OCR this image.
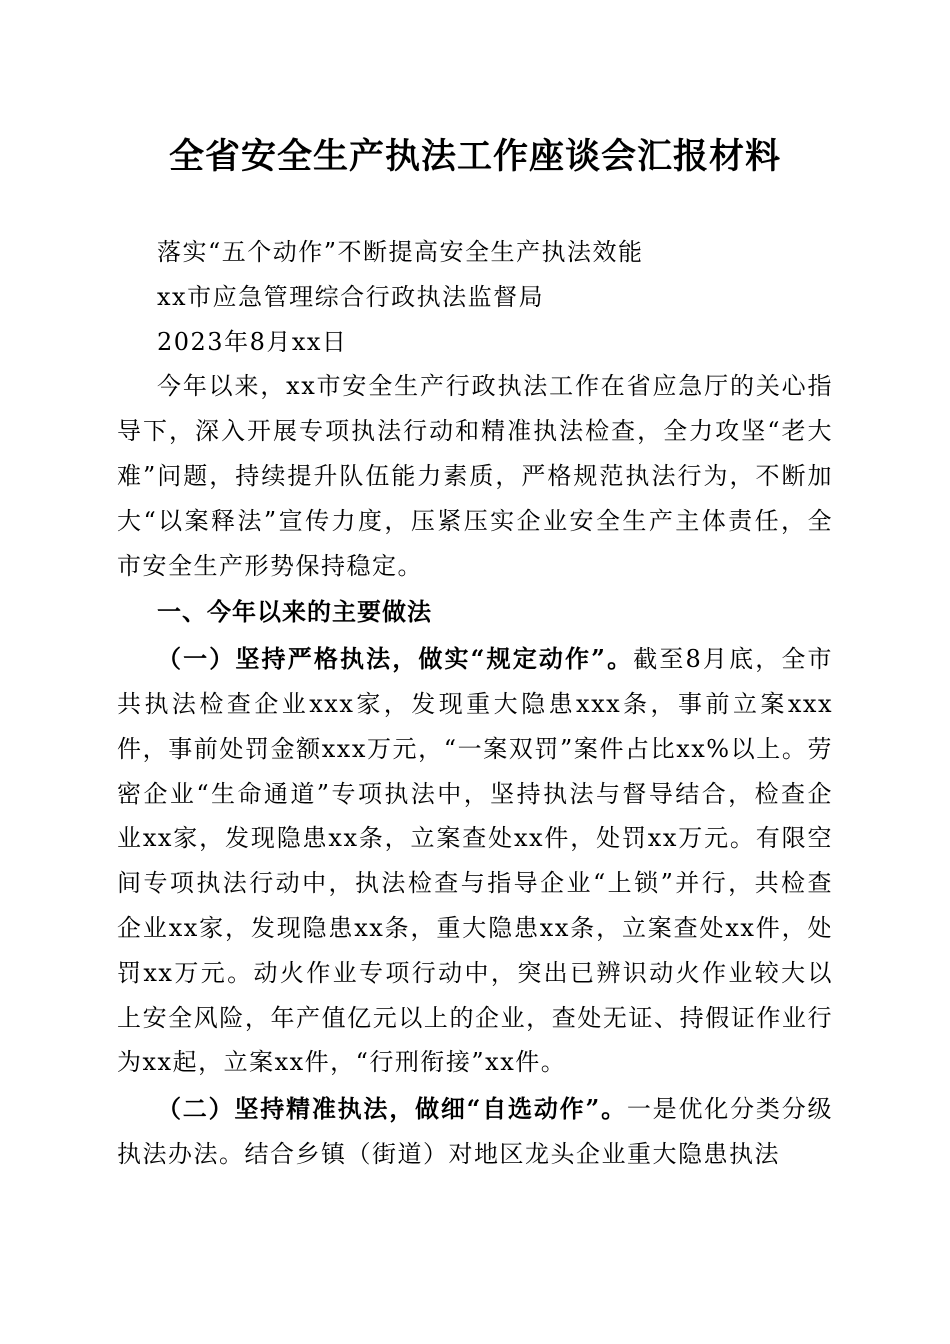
全省安全生产执法工作座谈会汇报材料

落实“五个动作”不断提高安全生产执法效能

xx市应急管理综合行政执法监督局

2023年8月xx日

今年以来，xx市安全生产行政执法工作在省应急厅的关心指导下，深入开展专项执法行动和精准执法检查，全力攻坚“老大难”问题，持续提升队伍能力素质，严格规范执法行为，不断加大“以案释法”宣传力度，压紧压实企业安全生产主体责任，全市安全生产形势保持稳定。

一、今年以来的主要做法

（一）坚持严格执法，做实“规定动作”。截至8月底，全市共执法检查企业xxx家，发现重大隐患xxx条，事前立案xxx件，事前处罚金额xxx万元，“一案双罚”案件占比xx%以上。劳密企业“生命通道”专项执法中，坚持执法与督导结合，检查企业xx家，发现隐患xx条，立案查处xx件，处罚xx万元。有限空间专项执法行动中，执法检查与指导企业“上锁”并行，共检查企业xx家，发现隐患xx条，重大隐患xx条，立案查处xx件，处罚xx万元。动火作业专项行动中，突出已辨识动火作业较大以上安全风险，年产值亿元以上的企业，查处无证、持假证作业行为xx起，立案xx件，“行刑衔接”xx件。

（二）坚持精准执法，做细“自选动作”。一是优化分类分级执法办法。结合乡镇（街道）对地区龙头企业重大隐患执法
